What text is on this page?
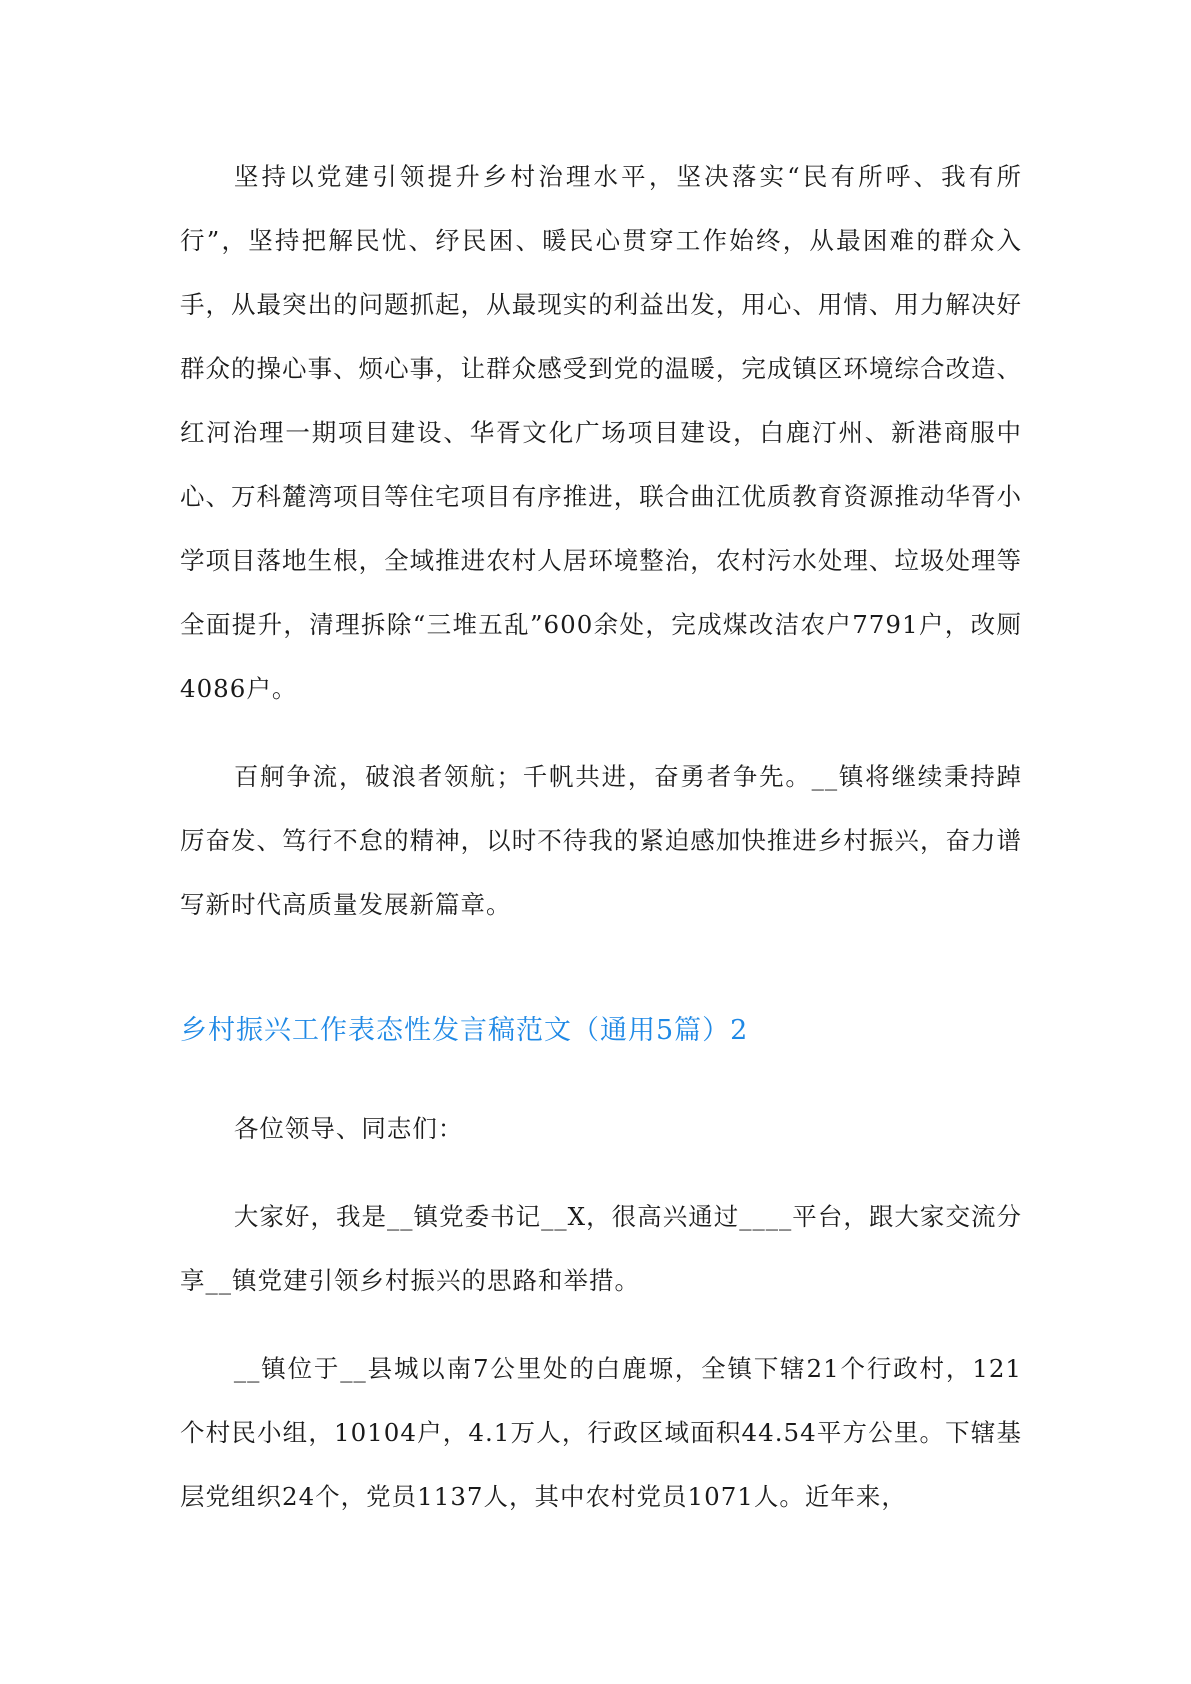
坚持以党建引领提升乡村治理水平，坚决落实“民有所呼、我有所行”，坚持把解民忧、纾民困、暖民心贯穿工作始终，从最困难的群众入手，从最突出的问题抓起，从最现实的利益出发，用心、用情、用力解决好群众的操心事、烦心事，让群众感受到党的温暖，完成镇区环境综合改造、红河治理一期项目建设、华胥文化广场项目建设，白鹿汀州、新港商服中心、万科麓湾项目等住宅项目有序推进，联合曲江优质教育资源推动华胥小学项目落地生根，全域推进农村人居环境整治，农村污水处理、垃圾处理等全面提升，清理拆除“三堆五乱”600余处，完成煤改洁农户7791户，改厕4086户。

百舸争流，破浪者领航；千帆共进，奋勇者争先。__镇将继续秉持踔厉奋发、笃行不怠的精神，以时不待我的紧迫感加快推进乡村振兴，奋力谱写新时代高质量发展新篇章。

乡村振兴工作表态性发言稿范文（通用5篇）2

各位领导、同志们：

大家好，我是__镇党委书记__X，很高兴通过____平台，跟大家交流分享__镇党建引领乡村振兴的思路和举措。

__镇位于__县城以南7公里处的白鹿塬，全镇下辖21个行政村，121个村民小组，10104户，4.1万人，行政区域面积44.54平方公里。下辖基层党组织24个，党员1137人，其中农村党员1071人。近年来，
